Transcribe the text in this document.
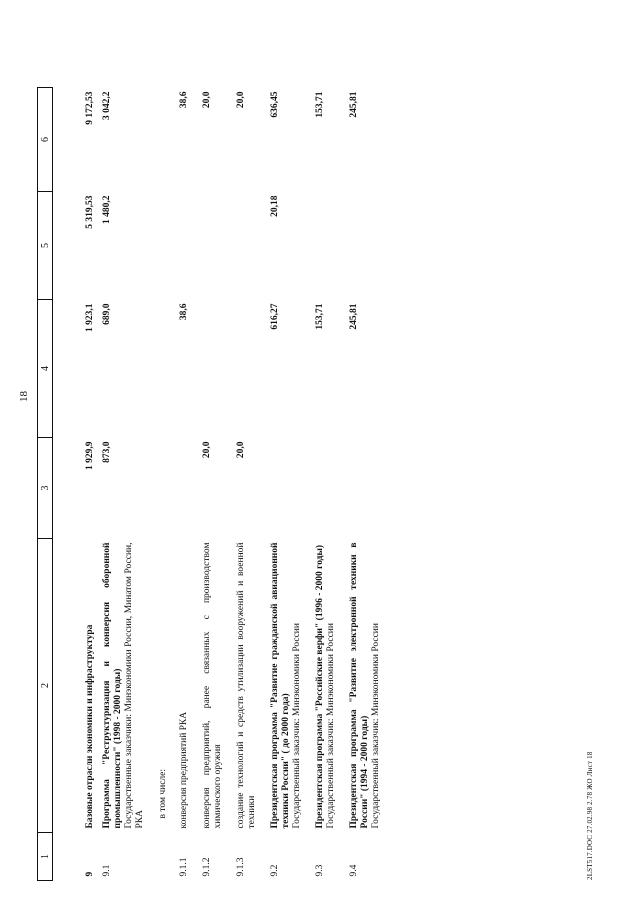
18
1	2	3	4	5	6
9	Базовые отрасли экономики и инфраструктура	1 929,9	1 923,1	5 319,53	9 172,53

9.1	Программа "Реструктуризация и конверсия оборонной промышленности" (1998 - 2000 годы) Государственные заказчики: Минэкономики России, Минатом России, РКА	873,0	689,0	1 480,2	3 042,2

	в том числе:				

9.1.1	конверсия предприятий РКА		38,6		38,6

9.1.2	конверсия предприятий, ранее связанных с производством химического оружия	20,0			20,0

9.1.3	создание технологий и средств утилизации вооружений и военной техники	20,0			20,0

9.2	Президентская программа "Развитие гражданской авиационной техники России" ( до 2000 года) Государственный заказчик: Минэкономики России		616,27	20,18	636,45

9.3	Президентская программа "Российские верфи" (1996 - 2000 годы) Государственный заказчик: Минэкономики России		153,71		153,71

9.4	Президентская программа "Развитие электронной техники в России" (1994 - 2000 годы) Государственный заказчик: Минэкономики России		245,81		245,81
2LST517.DOC 27.02.98 2.78 ЖО Лист 18
